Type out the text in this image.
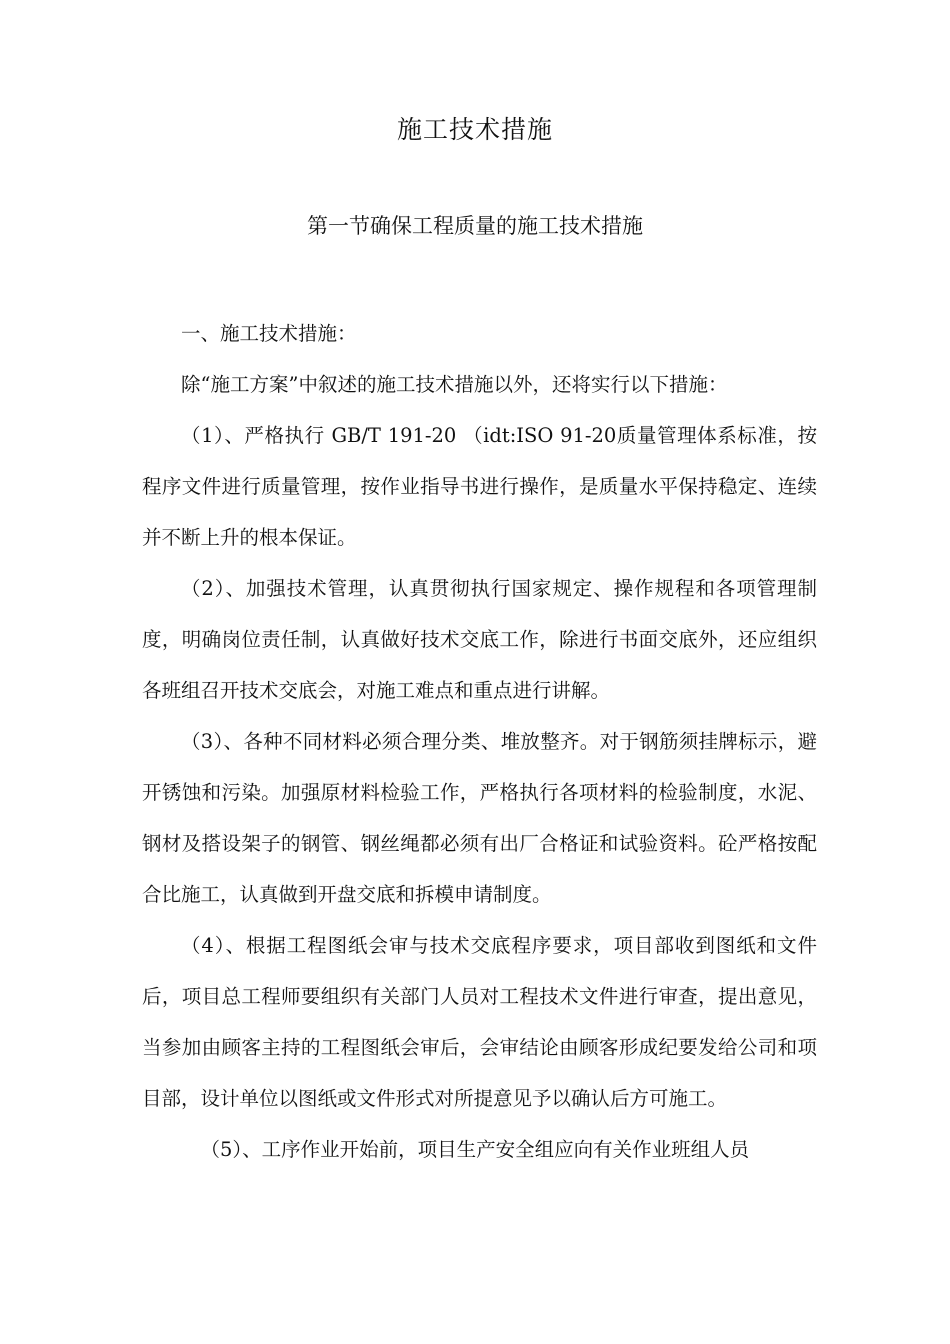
施工技术措施
第一节确保工程质量的施工技术措施

一、施工技术措施：

除“施工方案”中叙述的施工技术措施以外，还将实行以下措施：

（1）、严格执行 GB/T 191-20 （idt:ISO 91-20质量管理体系标准，按程序文件进行质量管理，按作业指导书进行操作，是质量水平保持稳定、连续并不断上升的根本保证。

（2）、加强技术管理，认真贯彻执行国家规定、操作规程和各项管理制度，明确岗位责任制，认真做好技术交底工作，除进行书面交底外，还应组织各班组召开技术交底会，对施工难点和重点进行讲解。

（3）、各种不同材料必须合理分类、堆放整齐。对于钢筋须挂牌标示，避开锈蚀和污染。加强原材料检验工作，严格执行各项材料的检验制度，水泥、钢材及搭设架子的钢管、钢丝绳都必须有出厂合格证和试验资料。砼严格按配合比施工，认真做到开盘交底和拆模申请制度。

（4）、根据工程图纸会审与技术交底程序要求，项目部收到图纸和文件后，项目总工程师要组织有关部门人员对工程技术文件进行审查，提出意见，当参加由顾客主持的工程图纸会审后，会审结论由顾客形成纪要发给公司和项目部，设计单位以图纸或文件形式对所提意见予以确认后方可施工。

（5）、工序作业开始前，项目生产安全组应向有关作业班组人员
